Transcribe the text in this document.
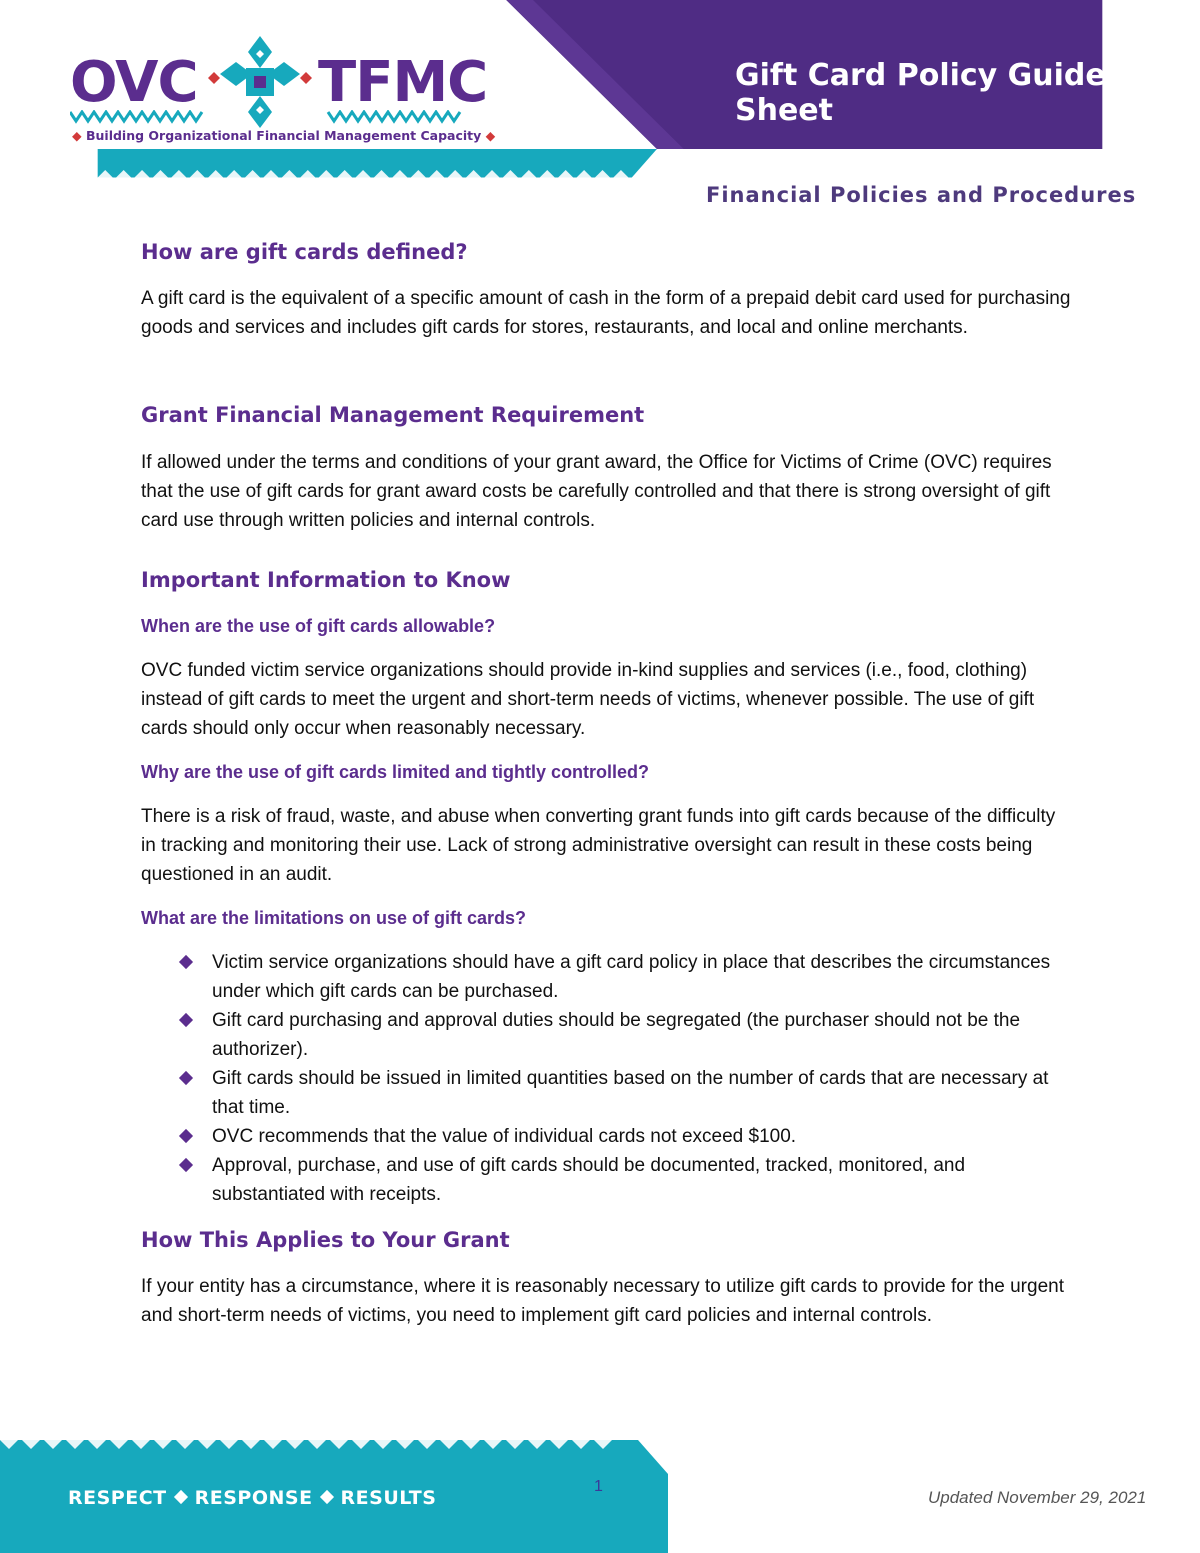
OVC TFMC
◆ Building Organizational Financial Management Capacity ◆
Gift Card Policy Guide Sheet
Financial Policies and Procedures
How are gift cards defined?

A gift card is the equivalent of a specific amount of cash in the form of a prepaid debit card used for purchasing goods and services and includes gift cards for stores, restaurants, and local and online merchants.

Grant Financial Management Requirement

If allowed under the terms and conditions of your grant award, the Office for Victims of Crime (OVC) requires that the use of gift cards for grant award costs be carefully controlled and that there is strong oversight of gift card use through written policies and internal controls.

Important Information to Know
When are the use of gift cards allowable?

OVC funded victim service organizations should provide in-kind supplies and services (i.e., food, clothing) instead of gift cards to meet the urgent and short-term needs of victims, whenever possible. The use of gift cards should only occur when reasonably necessary.

Why are the use of gift cards limited and tightly controlled?

There is a risk of fraud, waste, and abuse when converting grant funds into gift cards because of the difficulty in tracking and monitoring their use. Lack of strong administrative oversight can result in these costs being questioned in an audit.

What are the limitations on use of gift cards?
Victim service organizations should have a gift card policy in place that describes the circumstances under which gift cards can be purchased.
Gift card purchasing and approval duties should be segregated (the purchaser should not be the authorizer).
Gift cards should be issued in limited quantities based on the number of cards that are necessary at that time.
OVC recommends that the value of individual cards not exceed $100.
Approval, purchase, and use of gift cards should be documented, tracked, monitored, and substantiated with receipts.
How This Applies to Your Grant

If your entity has a circumstance, where it is reasonably necessary to utilize gift cards to provide for the urgent and short-term needs of victims, you need to implement gift card policies and internal controls.

RESPECT RESPONSE RESULTS
1
Updated November 29, 2021
